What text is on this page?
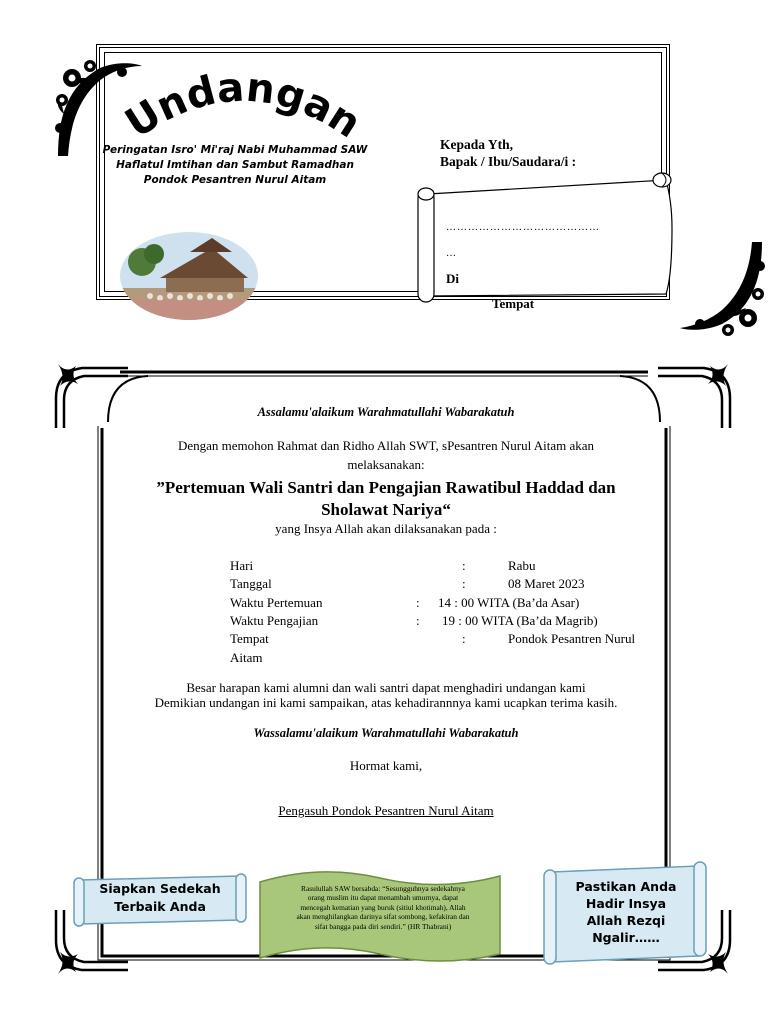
Undangan
Peringatan Isro' Mi'raj Nabi Muhammad SAW
Haflatul Imtihan dan Sambut Ramadhan
Pondok Pesantren Nurul Aitam
Kepada Yth,
Bapak / Ibu/Saudara/i :
……………………………………
…
Di
Tempat
Assalamu'alaikum Warahmatullahi Wabarakatuh
Dengan memohon Rahmat dan Ridho Allah SWT, sPesantren Nurul Aitam akan
melaksanakan:
”Pertemuan Wali Santri dan Pengajian Rawatibul Haddad dan
Sholawat Nariya“
yang Insya Allah akan dilaksanakan pada :
Hari	:	Rabu
Tanggal	:	08 Maret 2023
Waktu Pertemuan	: 14 : 00 WITA (Ba’da Asar)
Waktu Pengajian	: 19 : 00 WITA (Ba’da Magrib)
Tempat	:	Pondok Pesantren Nurul
Aitam
Besar harapan kami alumni dan wali santri dapat menghadiri undangan kami
Demikian undangan ini kami sampaikan, atas kehadirannnya kami ucapkan terima kasih.
Wassalamu'alaikum Warahmatullahi Wabarakatuh
Hormat kami,
Pengasuh Pondok Pesantren Nurul Aitam
Siapkan Sedekah
Terbaik Anda
Rasulullah SAW bersabda: “Sesungguhnya sedekahnya orang muslim itu dapat menambah umurnya, dapat mencegah kematian yang buruk (sitiul khotimah), Allah akan menghilangkan darinya sifat sombong, kefakiran dan sifat bangga pada diri sendiri.” (HR Thabrani)
Pastikan Anda
Hadir Insya
Allah Rezqi
Ngalir……
